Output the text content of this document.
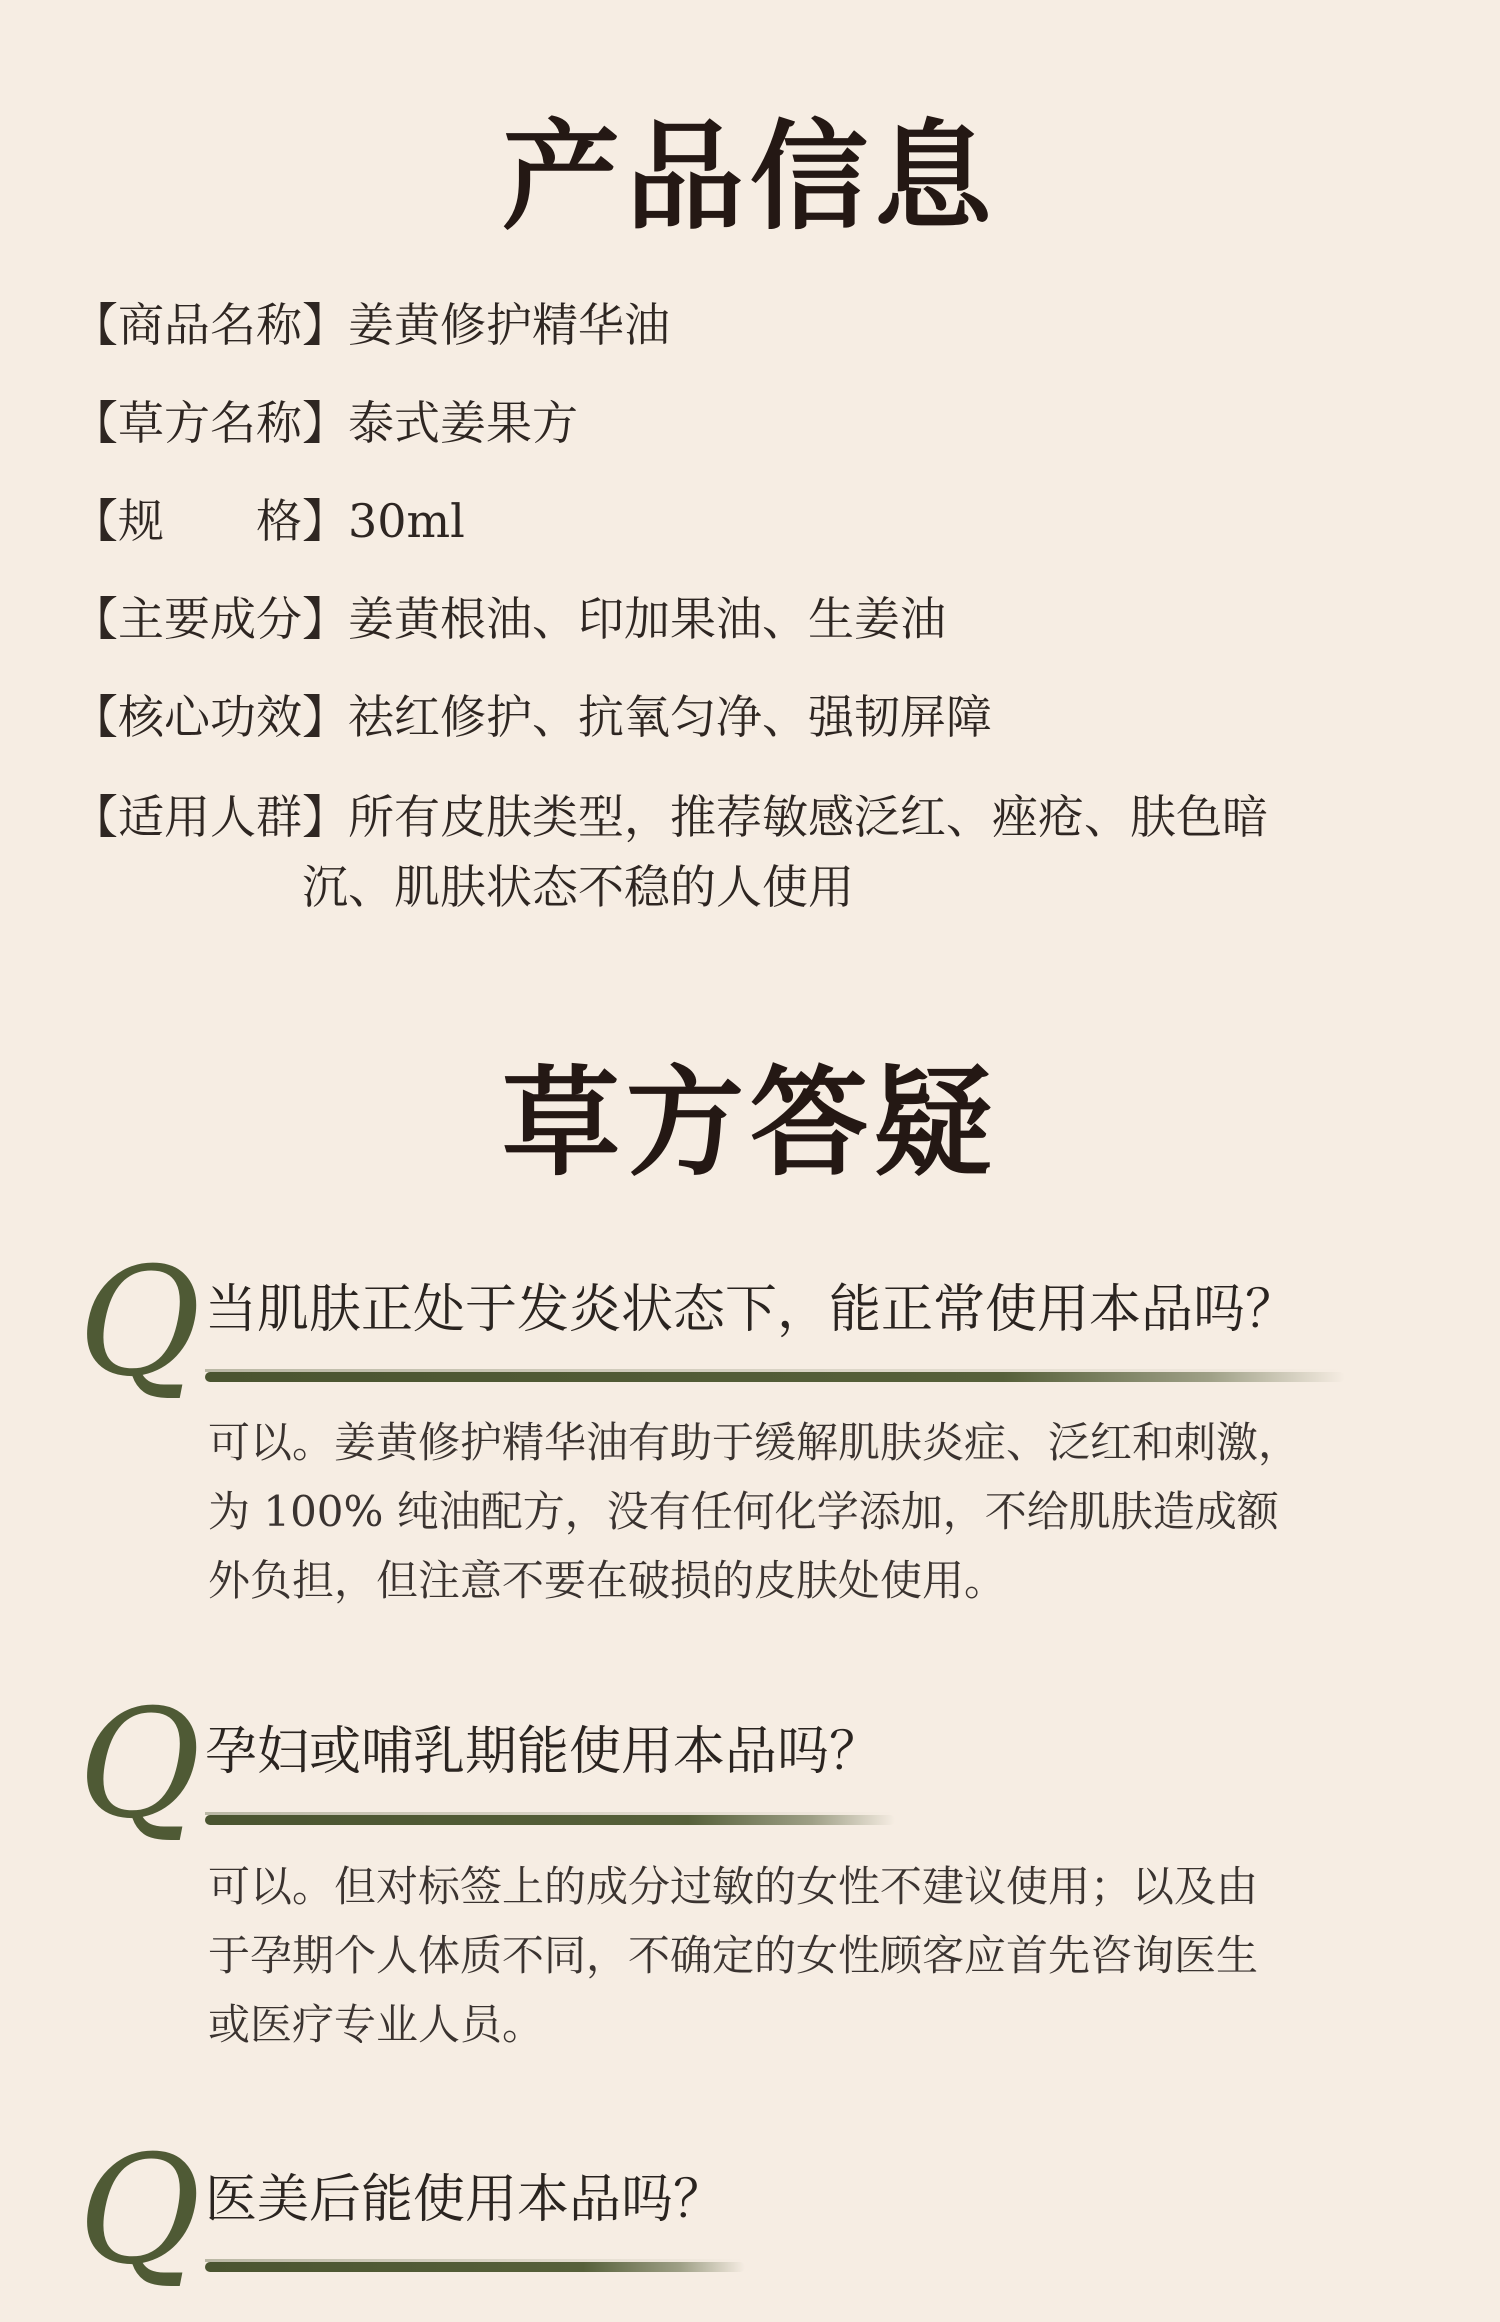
产品信息
【商品名称】姜黄修护精华油
【草方名称】泰式姜果方
【规　　格】30ml
【主要成分】姜黄根油、印加果油、生姜油
【核心功效】祛红修护、抗氧匀净、强韧屏障
【适用人群】所有皮肤类型，推荐敏感泛红、痤疮、肤色暗
沉、肌肤状态不稳的人使用
草方答疑
Q 当肌肤正处于发炎状态下，能正常使用本品吗？
可以。姜黄修护精华油有助于缓解肌肤炎症、泛红和刺激，
为 100% 纯油配方，没有任何化学添加，不给肌肤造成额
外负担，但注意不要在破损的皮肤处使用。
Q 孕妇或哺乳期能使用本品吗？
可以。但对标签上的成分过敏的女性不建议使用；以及由
于孕期个人体质不同，不确定的女性顾客应首先咨询医生
或医疗专业人员。
Q 医美后能使用本品吗？
